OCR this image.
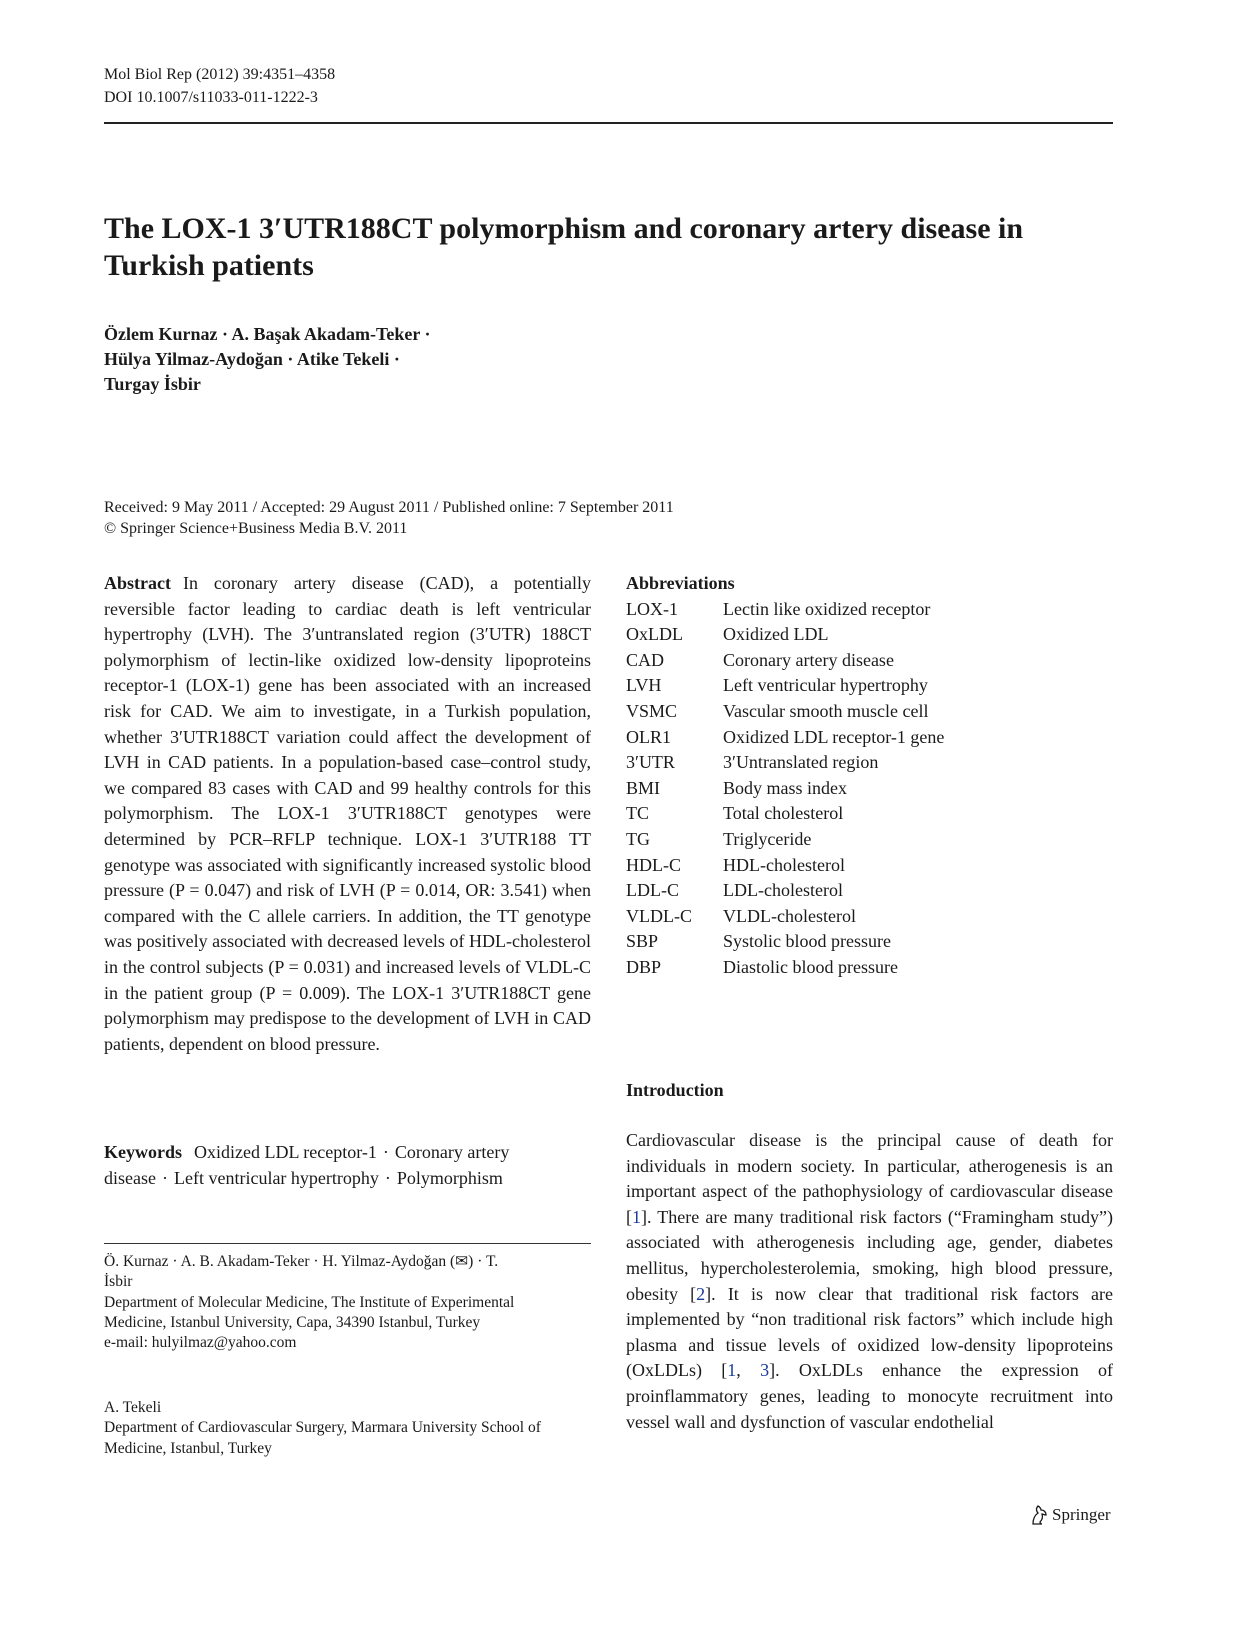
Mol Biol Rep (2012) 39:4351–4358
DOI 10.1007/s11033-011-1222-3
The LOX-1 3′UTR188CT polymorphism and coronary artery disease in Turkish patients
Özlem Kurnaz · A. Başak Akadam-Teker ·
Hülya Yilmaz-Aydoğan · Atike Tekeli ·
Turgay İsbir
Received: 9 May 2011 / Accepted: 29 August 2011 / Published online: 7 September 2011
© Springer Science+Business Media B.V. 2011

Abstract In coronary artery disease (CAD), a potentially reversible factor leading to cardiac death is left ventricular hypertrophy (LVH). The 3′untranslated region (3′UTR) 188CT polymorphism of lectin-like oxidized low-density lipoproteins receptor-1 (LOX-1) gene has been associated with an increased risk for CAD. We aim to investigate, in a Turkish population, whether 3′UTR188CT variation could affect the development of LVH in CAD patients. In a population-based case–control study, we compared 83 cases with CAD and 99 healthy controls for this polymorphism. The LOX-1 3′UTR188CT genotypes were determined by PCR–RFLP technique. LOX-1 3′UTR188 TT genotype was associated with significantly increased systolic blood pressure (P = 0.047) and risk of LVH (P = 0.014, OR: 3.541) when compared with the C allele carriers. In addition, the TT genotype was positively associated with decreased levels of HDL-cholesterol in the control subjects (P = 0.031) and increased levels of VLDL-C in the patient group (P = 0.009). The LOX-1 3′UTR188CT gene polymorphism may predispose to the development of LVH in CAD patients, dependent on blood pressure.

Keywords Oxidized LDL receptor-1 · Coronary artery disease · Left ventricular hypertrophy · Polymorphism

Ö. Kurnaz · A. B. Akadam-Teker · H. Yilmaz-Aydoğan (✉) · T. İsbir

Department of Molecular Medicine, The Institute of Experimental Medicine, Istanbul University, Capa, 34390 Istanbul, Turkey

e-mail: hulyilmaz@yahoo.com

A. Tekeli

Department of Cardiovascular Surgery, Marmara University School of Medicine, Istanbul, Turkey

Abbreviations
LOX-1	Lectin like oxidized receptor
OxLDL	Oxidized LDL
CAD	Coronary artery disease
LVH	Left ventricular hypertrophy
VSMC	Vascular smooth muscle cell
OLR1	Oxidized LDL receptor-1 gene
3′UTR	3′Untranslated region
BMI	Body mass index
TC	Total cholesterol
TG	Triglyceride
HDL-C	HDL-cholesterol
LDL-C	LDL-cholesterol
VLDL-C	VLDL-cholesterol
SBP	Systolic blood pressure
DBP	Diastolic blood pressure
Introduction

Cardiovascular disease is the principal cause of death for individuals in modern society. In particular, atherogenesis is an important aspect of the pathophysiology of cardiovascular disease [1]. There are many traditional risk factors (“Framingham study”) associated with atherogenesis including age, gender, diabetes mellitus, hypercholesterolemia, smoking, high blood pressure, obesity [2]. It is now clear that traditional risk factors are implemented by “non traditional risk factors” which include high plasma and tissue levels of oxidized low-density lipoproteins (OxLDLs) [1, 3]. OxLDLs enhance the expression of proinflammatory genes, leading to monocyte recruitment into vessel wall and dysfunction of vascular endothelial

Springer
